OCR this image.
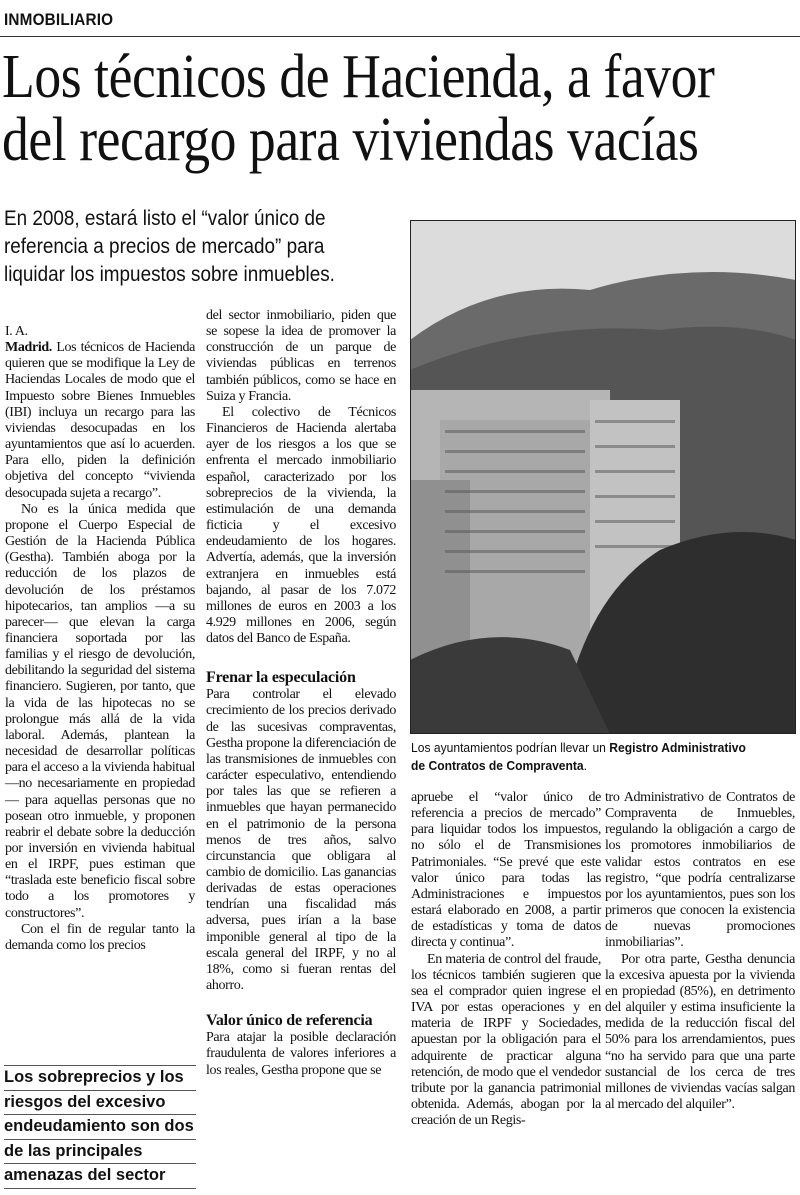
INMOBILIARIO
Los técnicos de Hacienda, a favor
del recargo para viviendas vacías
En 2008, estará listo el “valor único de
referencia a precios de mercado” para
liquidar los impuestos sobre inmuebles.

I. A.

Madrid. Los técnicos de Hacienda quieren que se modifique la Ley de Haciendas Locales de modo que el Impuesto sobre Bienes Inmuebles (IBI) incluya un recargo para las viviendas desocupadas en los ayuntamientos que así lo acuerden. Para ello, piden la definición objetiva del concepto “vivienda desocupada sujeta a recargo”.

No es la única medida que propone el Cuerpo Especial de Gestión de la Hacienda Pública (Gestha). También aboga por la reducción de los plazos de devolución de los préstamos hipotecarios, tan amplios —a su parecer— que elevan la carga financiera soportada por las familias y el riesgo de devolución, debilitando la seguridad del sistema financiero. Sugieren, por tanto, que la vida de las hipotecas no se prolongue más allá de la vida laboral. Además, plantean la necesidad de desarrollar políticas para el acceso a la vivienda habitual —no necesariamente en propiedad— para aquellas personas que no posean otro inmueble, y proponen reabrir el debate sobre la deducción por inversión en vivienda habitual en el IRPF, pues estiman que “traslada este beneficio fiscal sobre todo a los promotores y constructores”.

Con el fin de regular tanto la demanda como los precios

Los sobreprecios y los
riesgos del excesivo
endeudamiento son dos
de las principales
amenazas del sector

del sector inmobiliario, piden que se sopese la idea de promover la construcción de un parque de viviendas públicas en terrenos también públicos, como se hace en Suiza y Francia.

El colectivo de Técnicos Financieros de Hacienda alertaba ayer de los riesgos a los que se enfrenta el mercado inmobiliario español, caracterizado por los sobreprecios de la vivienda, la estimulación de una demanda ficticia y el excesivo endeudamiento de los hogares. Advertía, además, que la inversión extranjera en inmuebles está bajando, al pasar de los 7.072 millones de euros en 2003 a los 4.929 millones en 2006, según datos del Banco de España.

Frenar la especulación

Para controlar el elevado crecimiento de los precios derivado de las sucesivas compraventas, Gestha propone la diferenciación de las transmisiones de inmuebles con carácter especulativo, entendiendo por tales las que se refieren a inmuebles que hayan permanecido en el patrimonio de la persona menos de tres años, salvo circunstancia que obligara al cambio de domicilio. Las ganancias derivadas de estas operaciones tendrían una fiscalidad más adversa, pues irían a la base imponible general al tipo de la escala general del IRPF, y no al 18%, como si fueran rentas del ahorro.

Valor único de referencia

Para atajar la posible declaración fraudulenta de valores inferiores a los reales, Gestha propone que se

Los ayuntamientos podrían llevar un Registro Administrativo
de Contratos de Compraventa.

apruebe el “valor único de referencia a precios de mercado” para liquidar todos los impuestos, no sólo el de Transmisiones Patrimoniales. “Se prevé que este valor único para todas las Administraciones e impuestos estará elaborado en 2008, a partir de estadísticas y toma de datos directa y continua”.

En materia de control del fraude, los técnicos también sugieren que sea el comprador quien ingrese el IVA por estas operaciones y en materia de IRPF y Sociedades, apuestan por la obligación para el adquirente de practicar alguna retención, de modo que el vendedor tribute por la ganancia patrimonial obtenida. Además, abogan por la creación de un Regis-

tro Administrativo de Contratos de Compraventa de Inmuebles, regulando la obligación a cargo de los promotores inmobiliarios de validar estos contratos en ese registro, “que podría centralizarse por los ayuntamientos, pues son los primeros que conocen la existencia de nuevas promociones inmobiliarias”.

Por otra parte, Gestha denuncia la excesiva apuesta por la vivienda en propiedad (85%), en detrimento del alquiler y estima insuficiente la medida de la reducción fiscal del 50% para los arrendamientos, pues “no ha servido para que una parte sustancial de los cerca de tres millones de viviendas vacías salgan al mercado del alquiler”.
